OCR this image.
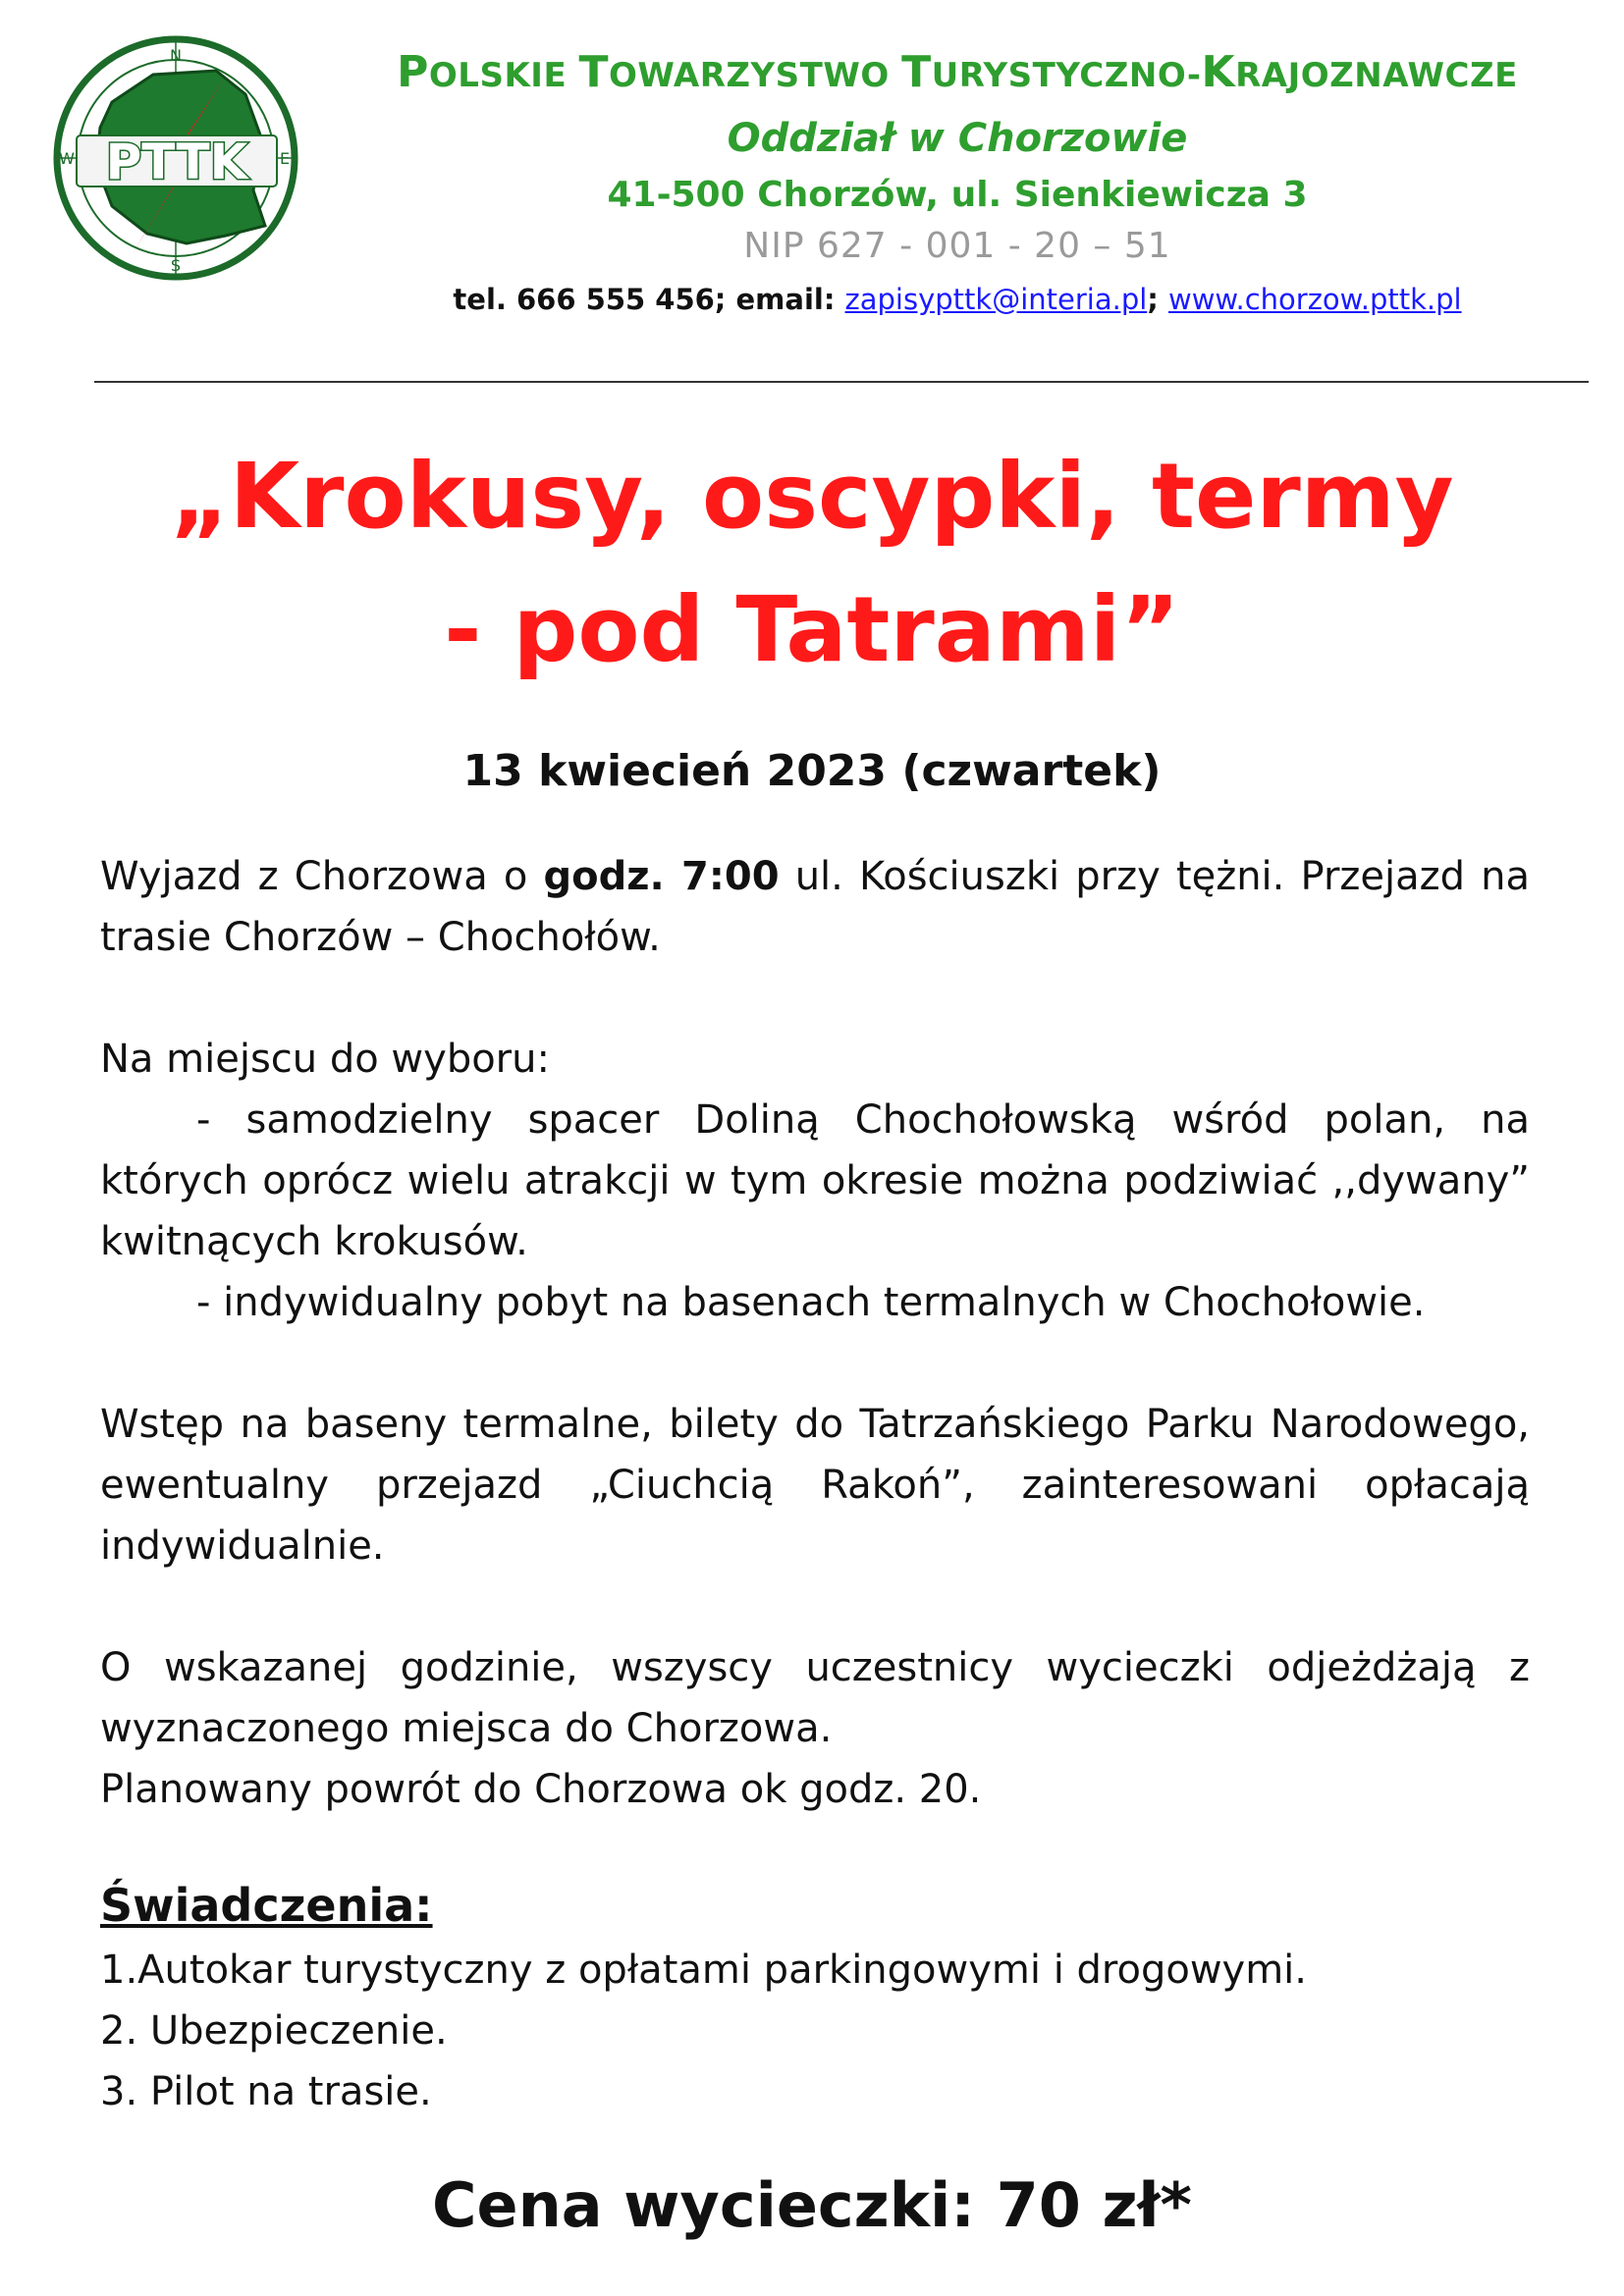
PTTK
N
E
S
W
POLSKIE TOWARZYSTWO TURYSTYCZNO-KRAJOZNAWCZE
Oddział w Chorzowie
41-500 Chorzów, ul. Sienkiewicza 3
NIP 627 - 001 - 20 – 51
tel. 666 555 456; email: zapisypttk@interia.pl; www.chorzow.pttk.pl
„Krokusy, oscypki, termy
- pod Tatrami”
13 kwiecień 2023 (czwartek)
Wyjazd z Chorzowa o godz. 7:00 ul. Kościuszki przy tężni. Przejazd na trasie Chorzów – Chochołów.
Na miejscu do wyboru:
- samodzielny spacer Doliną Chochołowską wśród polan, na których oprócz wielu atrakcji w tym okresie można podziwiać ,,dywany” kwitnących krokusów.
- indywidualny pobyt na basenach termalnych w Chochołowie.
Wstęp na baseny termalne, bilety do Tatrzańskiego Parku Narodowego, ewentualny przejazd „Ciuchcią Rakoń”, zainteresowani opłacają indywidualnie.
O wskazanej godzinie, wszyscy uczestnicy wycieczki odjeżdżają z wyznaczonego miejsca do Chorzowa.
Planowany powrót do Chorzowa ok godz. 20.
Świadczenia:
1.Autokar turystyczny z opłatami parkingowymi i drogowymi.
2. Ubezpieczenie.
3. Pilot na trasie.
Cena wycieczki: 70 zł*
